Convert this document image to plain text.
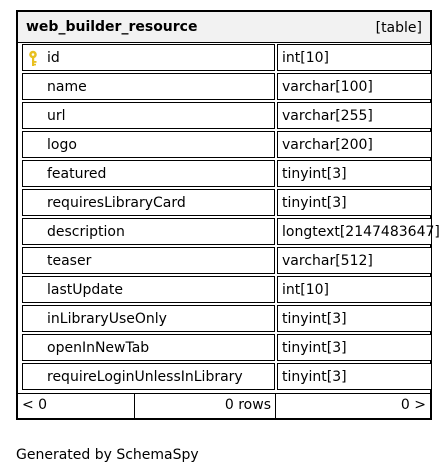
web_builder_resource	[table]
id	int[10]
name	varchar[100]
url	varchar[255]
logo	varchar[200]
featured	tinyint[3]
requiresLibraryCard	tinyint[3]
description	longtext[2147483647]
teaser	varchar[512]
lastUpdate	int[10]
inLibraryUseOnly	tinyint[3]
openInNewTab	tinyint[3]
requireLoginUnlessInLibrary	tinyint[3]
< 0	0 rows	0 >
Generated by SchemaSpy
